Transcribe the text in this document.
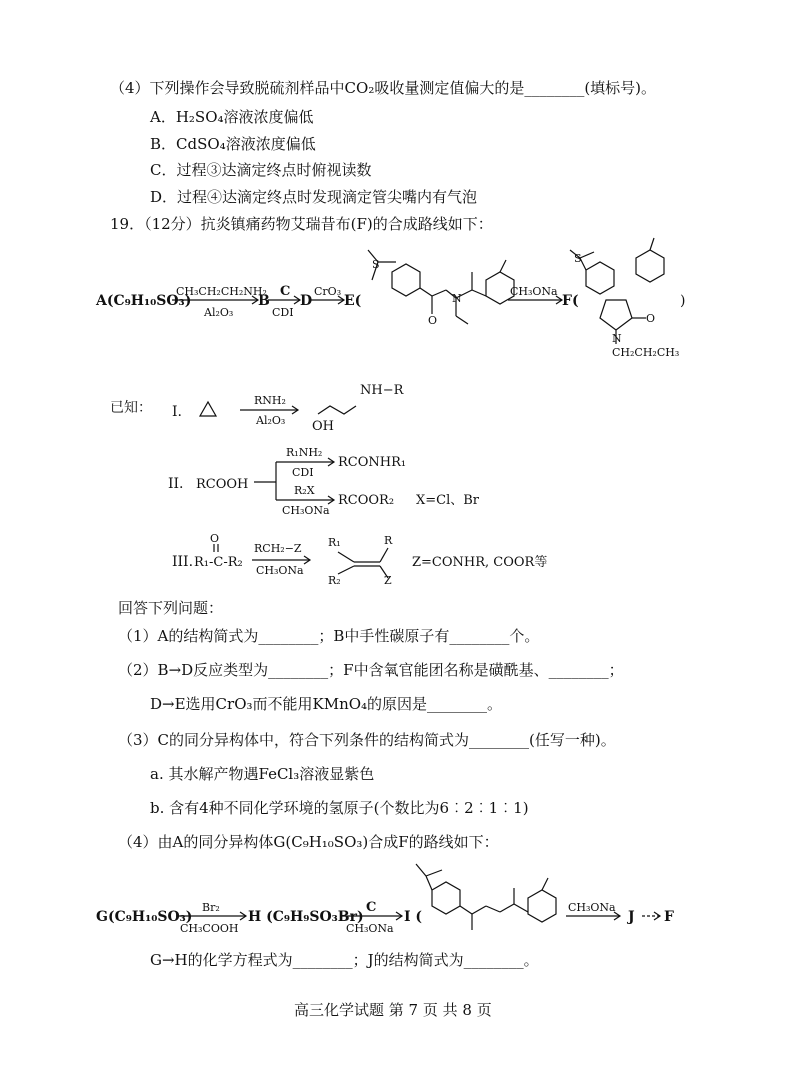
（4）下列操作会导致脱硫剂样品中CO₂吸收量测定值偏大的是________(填标号)。
A．H₂SO₄溶液浓度偏低
B．CdSO₄溶液浓度偏低
C．过程③达滴定终点时俯视读数
D．过程④达滴定终点时发现滴定管尖嘴内有气泡
19．（12分）抗炎镇痛药物艾瑞昔布(F)的合成路线如下：
A(C₉H₁₀SO₃)
CH₃CH₂CH₂NH₂
Al₂O₃
B
C
CDI
D
CrO₃
E(
CH₃ONa
F(	)
S
N
O
S
N
O
CH₂CH₂CH₃
已知： I.
RNH₂
Al₂O₃
NH−R
OH
II. RCOOH
R₁NH₂
CDI
RCONHR₁
R₂X
CH₃ONa
RCOOR₂ X=Cl、Br
III.
O
R₁-C-R₂
RCH₂−Z
CH₃ONa
R₁
R₂
R
Z
Z=CONHR, COOR等
G(C₉H₁₀SO₃)
Br₂
CH₃COOH
H (C₉H₉SO₃Br)
C
CH₃ONa
I (
CH₃ONa
J F
回答下列问题：
（1）A的结构简式为________；B中手性碳原子有________个。
（2）B→D反应类型为________；F中含氧官能团名称是磺酰基、________；
D→E选用CrO₃而不能用KMnO₄的原因是________。
（3）C的同分异构体中，符合下列条件的结构简式为________(任写一种)。
a. 其水解产物遇FeCl₃溶液显紫色
b. 含有4种不同化学环境的氢原子(个数比为6︰2︰1︰1)
（4）由A的同分异构体G(C₉H₁₀SO₃)合成F的路线如下：
G→H的化学方程式为________；J的结构简式为________。
高三化学试题 第 7 页 共 8 页
